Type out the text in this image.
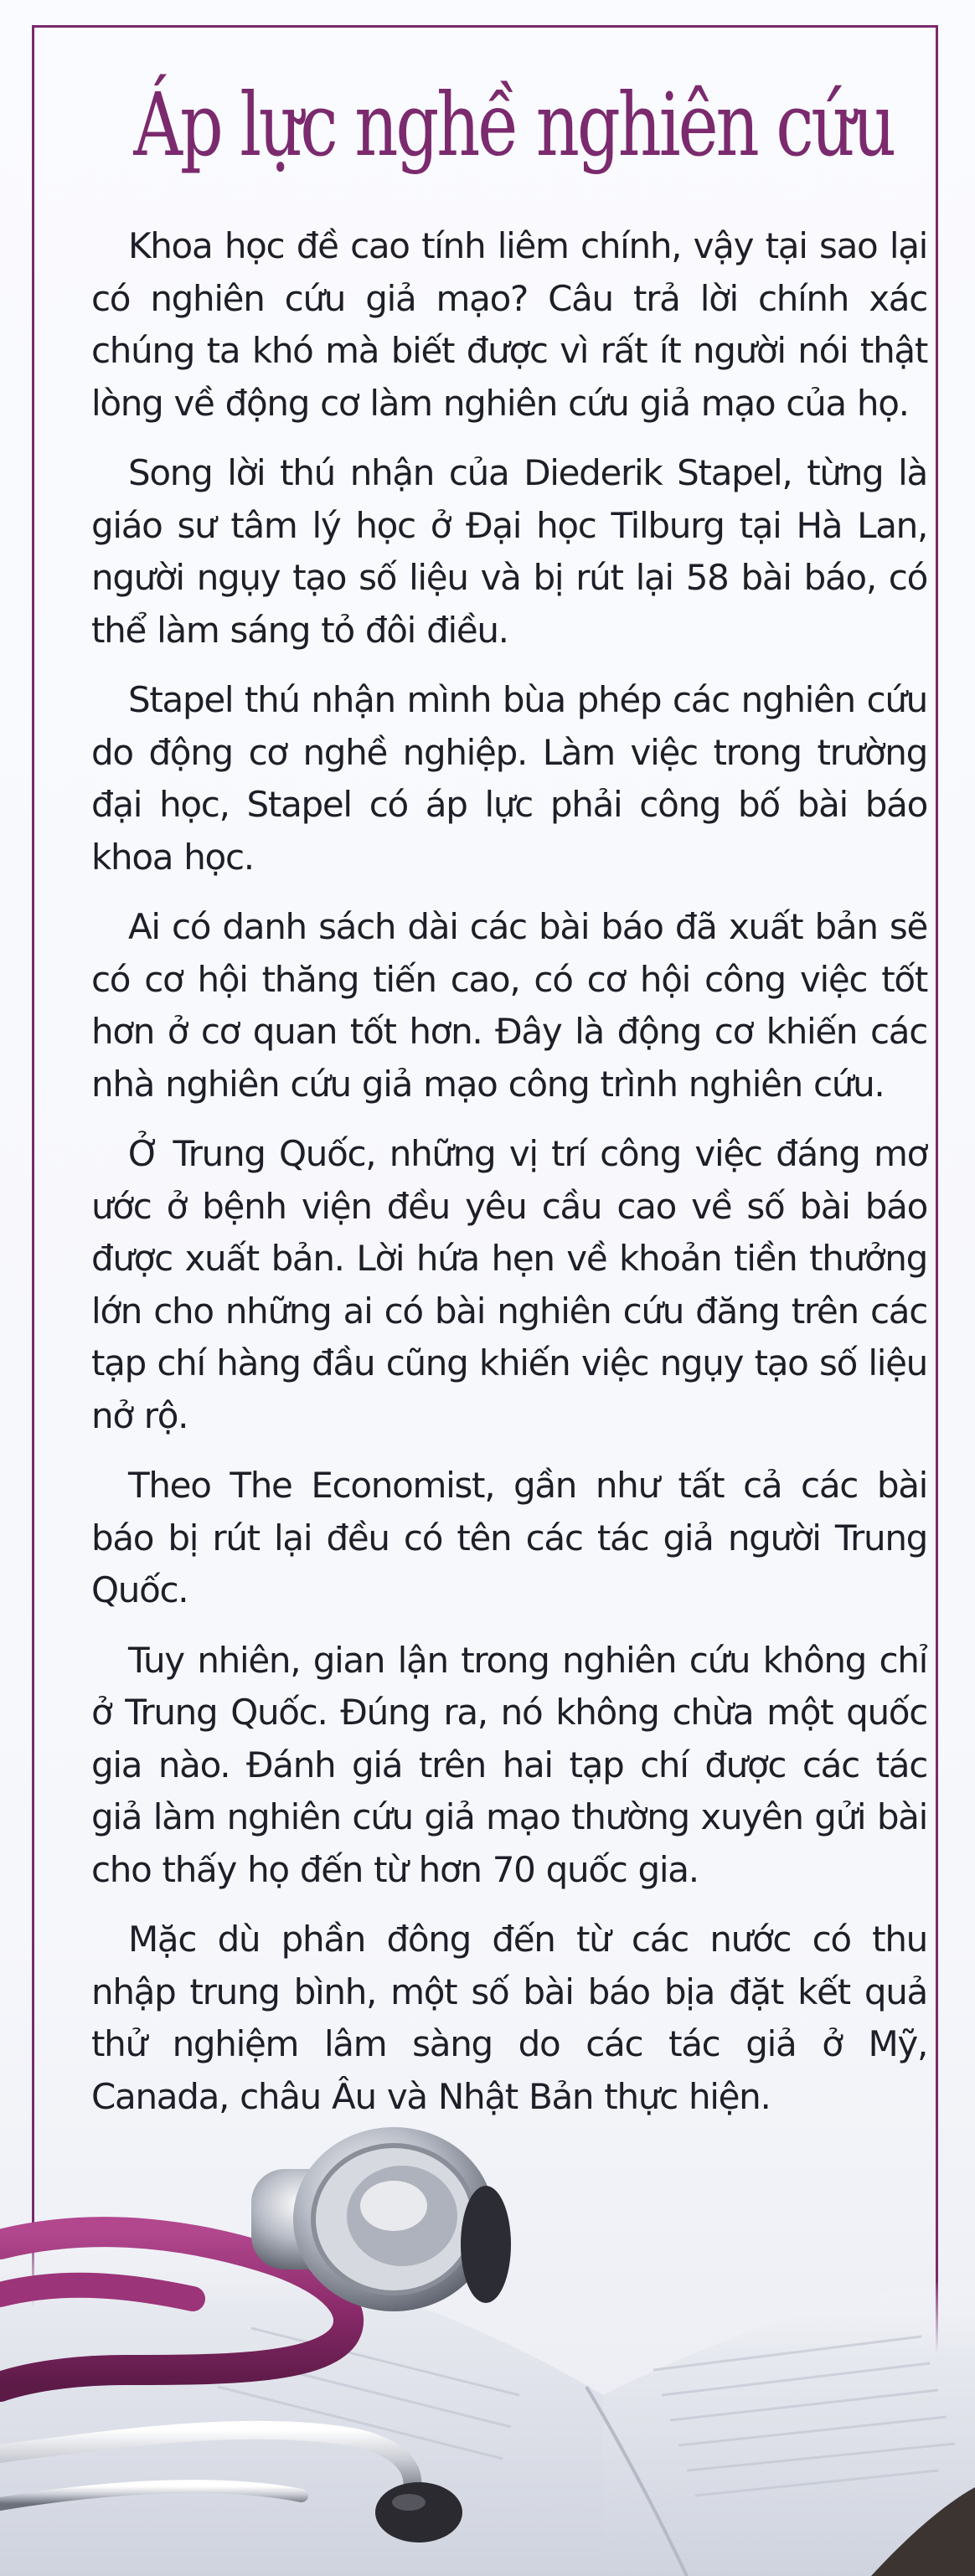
Áp lực nghề nghiên cứu

Khoa học đề cao tính liêm chính, vậy tại sao lại có nghiên cứu giả mạo? Câu trả lời chính xác chúng ta khó mà biết được vì rất ít người nói thật lòng về động cơ làm nghiên cứu giả mạo của họ.

Song lời thú nhận của Diederik Stapel, từng là giáo sư tâm lý học ở Đại học Tilburg tại Hà Lan, người ngụy tạo số liệu và bị rút lại 58 bài báo, có thể làm sáng tỏ đôi điều.

Stapel thú nhận mình bùa phép các nghiên cứu do động cơ nghề nghiệp. Làm việc trong trường đại học, Stapel có áp lực phải công bố bài báo khoa học.

Ai có danh sách dài các bài báo đã xuất bản sẽ có cơ hội thăng tiến cao, có cơ hội công việc tốt hơn ở cơ quan tốt hơn. Đây là động cơ khiến các nhà nghiên cứu giả mạo công trình nghiên cứu.

Ở Trung Quốc, những vị trí công việc đáng mơ ước ở bệnh viện đều yêu cầu cao về số bài báo được xuất bản. Lời hứa hẹn về khoản tiền thưởng lớn cho những ai có bài nghiên cứu đăng trên các tạp chí hàng đầu cũng khiến việc ngụy tạo số liệu nở rộ.

Theo The Economist, gần như tất cả các bài báo bị rút lại đều có tên các tác giả người Trung Quốc.

Tuy nhiên, gian lận trong nghiên cứu không chỉ ở Trung Quốc. Đúng ra, nó không chừa một quốc gia nào. Đánh giá trên hai tạp chí được các tác giả làm nghiên cứu giả mạo thường xuyên gửi bài cho thấy họ đến từ hơn 70 quốc gia.

Mặc dù phần đông đến từ các nước có thu nhập trung bình, một số bài báo bịa đặt kết quả thử nghiệm lâm sàng do các tác giả ở Mỹ, Canada, châu Âu và Nhật Bản thực hiện.
